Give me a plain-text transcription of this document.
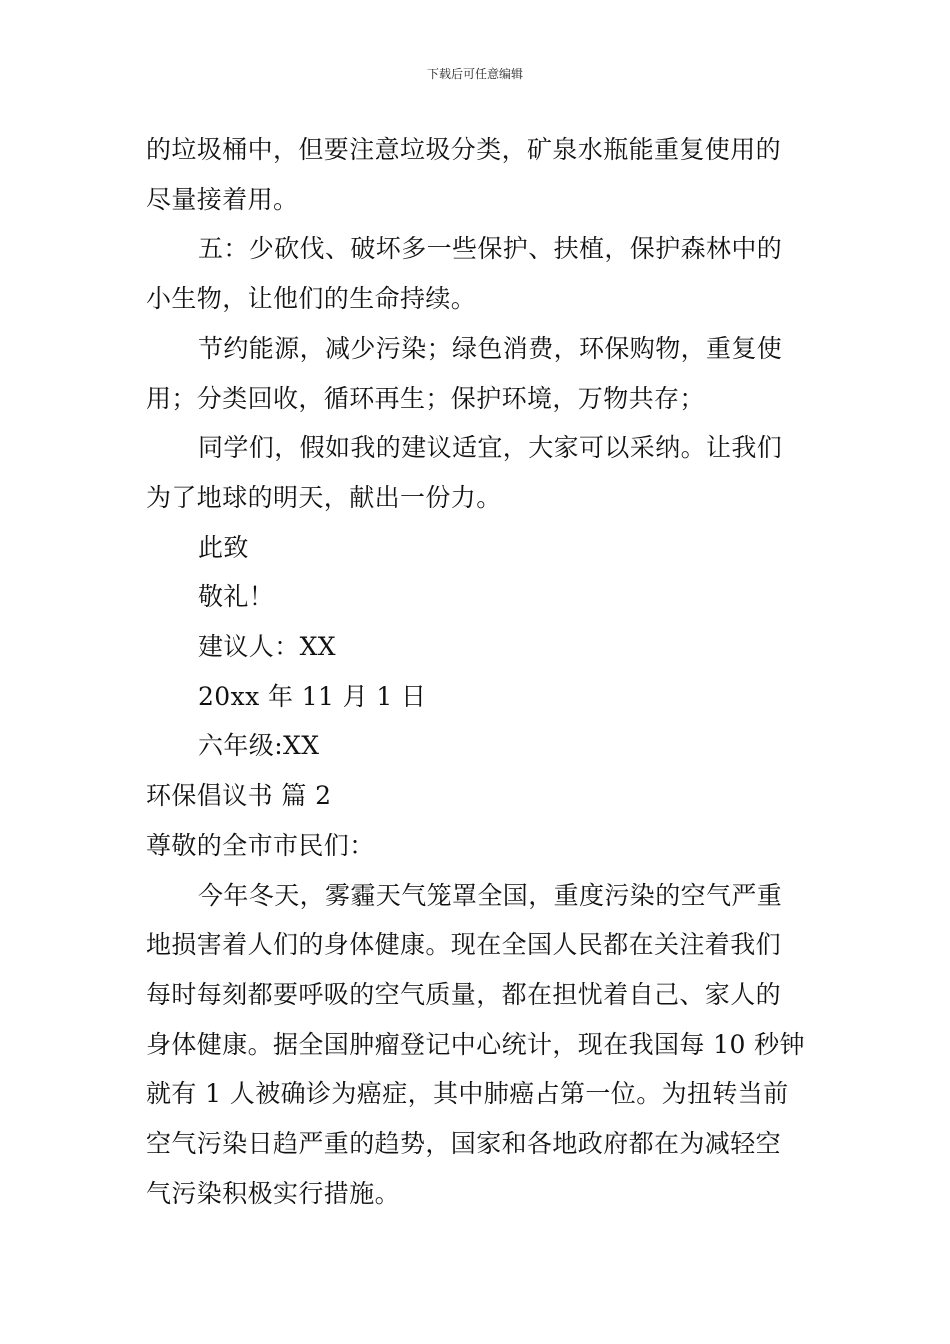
下载后可任意编辑

的垃圾桶中，但要注意垃圾分类，矿泉水瓶能重复使用的尽量接着用。

五：少砍伐、破坏多一些保护、扶植，保护森林中的小生物，让他们的生命持续。

节约能源，减少污染；绿色消费，环保购物，重复使用；分类回收，循环再生；保护环境，万物共存；

同学们，假如我的建议适宜，大家可以采纳。让我们为了地球的明天，献出一份力。

此致

敬礼！

建议人：XX

20xx 年 11 月 1 日

六年级:XX

环保倡议书 篇 2

尊敬的全市市民们：

今年冬天，雾霾天气笼罩全国，重度污染的空气严重地损害着人们的身体健康。现在全国人民都在关注着我们每时每刻都要呼吸的空气质量，都在担忧着自己、家人的身体健康。据全国肿瘤登记中心统计，现在我国每 10 秒钟就有 1 人被确诊为癌症，其中肺癌占第一位。为扭转当前空气污染日趋严重的趋势，国家和各地政府都在为减轻空气污染积极实行措施。
